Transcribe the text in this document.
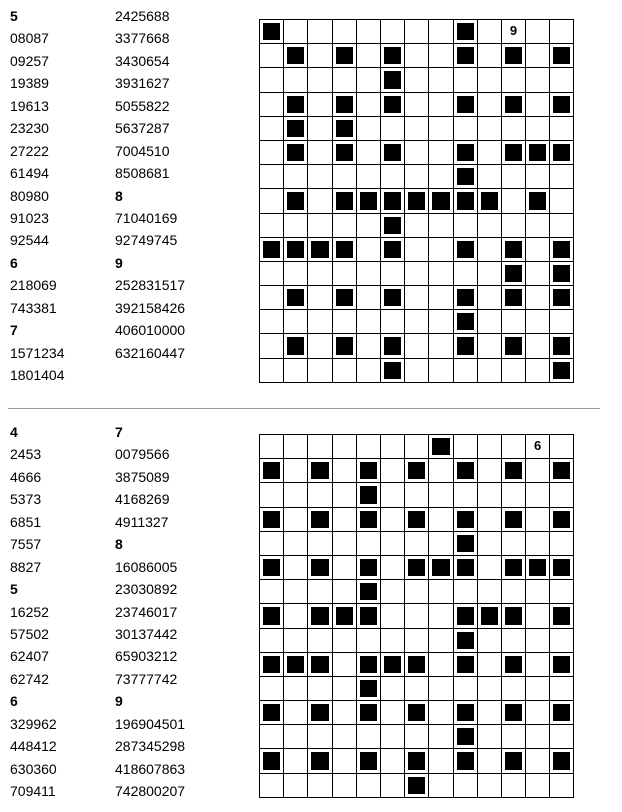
5
08087
09257
19389
19613
23230
27222
61494
80980
91023
92544
6
218069
743381
7
1571234
1801404
2425688
3377668
3430654
3931627
5055822
5637287
7004510
8508681
8
71040169
92749745
9
252831517
392158426
406010000
632160447
9
4
2453
4666
5373
6851
7557
8827
5
16252
57502
62407
62742
6
329962
448412
630360
709411
7
0079566
3875089
4168269
4911327
8
16086005
23030892
23746017
30137442
65903212
73777742
9
196904501
287345298
418607863
742800207
6
